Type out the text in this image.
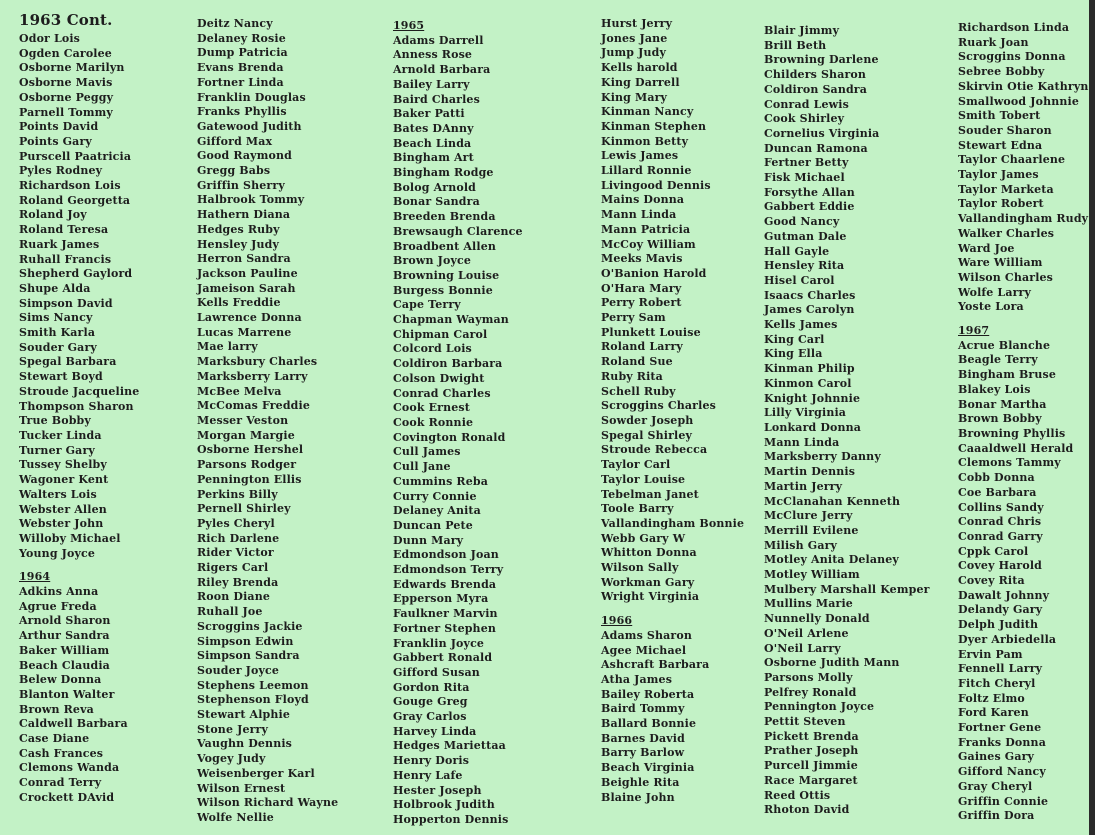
1963 Cont.
Odor Lois
Ogden Carolee
Osborne Marilyn
Osborne Mavis
Osborne Peggy
Parnell Tommy
Points David
Points Gary
Purscell Paatricia
Pyles Rodney
Richardson Lois
Roland Georgetta
Roland Joy
Roland Teresa
Ruark James
Ruhall Francis
Shepherd Gaylord
Shupe Alda
Simpson David
Sims Nancy
Smith Karla
Souder Gary
Spegal Barbara
Stewart Boyd
Stroude Jacqueline
Thompson Sharon
True Bobby
Tucker Linda
Turner Gary
Tussey Shelby
Wagoner Kent
Walters Lois
Webster Allen
Webster John
Willoby Michael
Young Joyce
1964
Adkins Anna
Agrue Freda
Arnold Sharon
Arthur Sandra
Baker William
Beach Claudia
Belew Donna
Blanton Walter
Brown Reva
Caldwell Barbara
Case Diane
Cash Frances
Clemons Wanda
Conrad Terry
Crockett DAvid
Deitz Nancy
Delaney Rosie
Dump Patricia
Evans Brenda
Fortner Linda
Franklin Douglas
Franks Phyllis
Gatewood Judith
Gifford Max
Good Raymond
Gregg Babs
Griffin Sherry
Halbrook Tommy
Hathern Diana
Hedges Ruby
Hensley Judy
Herron Sandra
Jackson Pauline
Jameison Sarah
Kells Freddie
Lawrence Donna
Lucas Marrene
Mae larry
Marksbury Charles
Marksberry Larry
McBee Melva
McComas Freddie
Messer Veston
Morgan Margie
Osborne Hershel
Parsons Rodger
Pennington Ellis
Perkins Billy
Pernell Shirley
Pyles Cheryl
Rich Darlene
Rider Victor
Rigers Carl
Riley Brenda
Roon Diane
Ruhall Joe
Scroggins Jackie
Simpson Edwin
Simpson Sandra
Souder Joyce
Stephens Leemon
Stephenson Floyd
Stewart Alphie
Stone Jerry
Vaughn Dennis
Vogey Judy
Weisenberger Karl
Wilson Ernest
Wilson Richard Wayne
Wolfe Nellie
1965
Adams Darrell
Anness Rose
Arnold Barbara
Bailey Larry
Baird Charles
Baker Patti
Bates DAnny
Beach Linda
Bingham Art
Bingham Rodge
Bolog Arnold
Bonar Sandra
Breeden Brenda
Brewsaugh Clarence
Broadbent Allen
Brown Joyce
Browning Louise
Burgess Bonnie
Cape Terry
Chapman Wayman
Chipman Carol
Colcord Lois
Coldiron Barbara
Colson Dwight
Conrad Charles
Cook Ernest
Cook Ronnie
Covington Ronald
Cull James
Cull Jane
Cummins Reba
Curry Connie
Delaney Anita
Duncan Pete
Dunn Mary
Edmondson Joan
Edmondson Terry
Edwards Brenda
Epperson Myra
Faulkner Marvin
Fortner Stephen
Franklin Joyce
Gabbert Ronald
Gifford Susan
Gordon Rita
Gouge Greg
Gray Carlos
Harvey Linda
Hedges Mariettaa
Henry Doris
Henry Lafe
Hester Joseph
Holbrook Judith
Hopperton Dennis
Hurst Jerry
Jones Jane
Jump Judy
Kells harold
King Darrell
King Mary
Kinman Nancy
Kinman Stephen
Kinmon Betty
Lewis James
Lillard Ronnie
Livingood Dennis
Mains Donna
Mann Linda
Mann Patricia
McCoy William
Meeks Mavis
O'Banion Harold
O'Hara Mary
Perry Robert
Perry Sam
Plunkett Louise
Roland Larry
Roland Sue
Ruby Rita
Schell Ruby
Scroggins Charles
Sowder Joseph
Spegal Shirley
Stroude Rebecca
Taylor Carl
Taylor Louise
Tebelman Janet
Toole Barry
Vallandingham Bonnie
Webb Gary W
Whitton Donna
Wilson Sally
Workman Gary
Wright Virginia
1966
Adams Sharon
Agee Michael
Ashcraft Barbara
Atha James
Bailey Roberta
Baird Tommy
Ballard Bonnie
Barnes David
Barry Barlow
Beach Virginia
Beighle Rita
Blaine John
Blair Jimmy
Brill Beth
Browning Darlene
Childers Sharon
Coldiron Sandra
Conrad Lewis
Cook Shirley
Cornelius Virginia
Duncan Ramona
Fertner Betty
Fisk Michael
Forsythe Allan
Gabbert Eddie
Good Nancy
Gutman Dale
Hall Gayle
Hensley Rita
Hisel Carol
Isaacs Charles
James Carolyn
Kells James
King Carl
King Ella
Kinman Philip
Kinmon Carol
Knight Johnnie
Lilly Virginia
Lonkard Donna
Mann Linda
Marksberry Danny
Martin Dennis
Martin Jerry
McClanahan Kenneth
McClure Jerry
Merrill Evilene
Milish Gary
Motley Anita Delaney
Motley William
Mulbery Marshall Kemper
Mullins Marie
Nunnelly Donald
O'Neil Arlene
O'Neil Larry
Osborne Judith Mann
Parsons Molly
Pelfrey Ronald
Pennington Joyce
Pettit Steven
Pickett Brenda
Prather Joseph
Purcell Jimmie
Race Margaret
Reed Ottis
Rhoton David
Richardson Linda
Ruark Joan
Scroggins Donna
Sebree Bobby
Skirvin Otie Kathryn
Smallwood Johnnie
Smith Tobert
Souder Sharon
Stewart Edna
Taylor Chaarlene
Taylor James
Taylor Marketa
Taylor Robert
Vallandingham Rudy
Walker Charles
Ward Joe
Ware William
Wilson Charles
Wolfe Larry
Yoste Lora
1967
Acrue Blanche
Beagle Terry
Bingham Bruse
Blakey Lois
Bonar Martha
Brown Bobby
Browning Phyllis
Caaaldwell Herald
Clemons Tammy
Cobb Donna
Coe Barbara
Collins Sandy
Conrad Chris
Conrad Garry
Cppk Carol
Covey Harold
Covey Rita
Dawalt Johnny
Delandy Gary
Delph Judith
Dyer Arbiedella
Ervin Pam
Fennell Larry
Fitch Cheryl
Foltz Elmo
Ford Karen
Fortner Gene
Franks Donna
Gaines Gary
Gifford Nancy
Gray Cheryl
Griffin Connie
Griffin Dora
